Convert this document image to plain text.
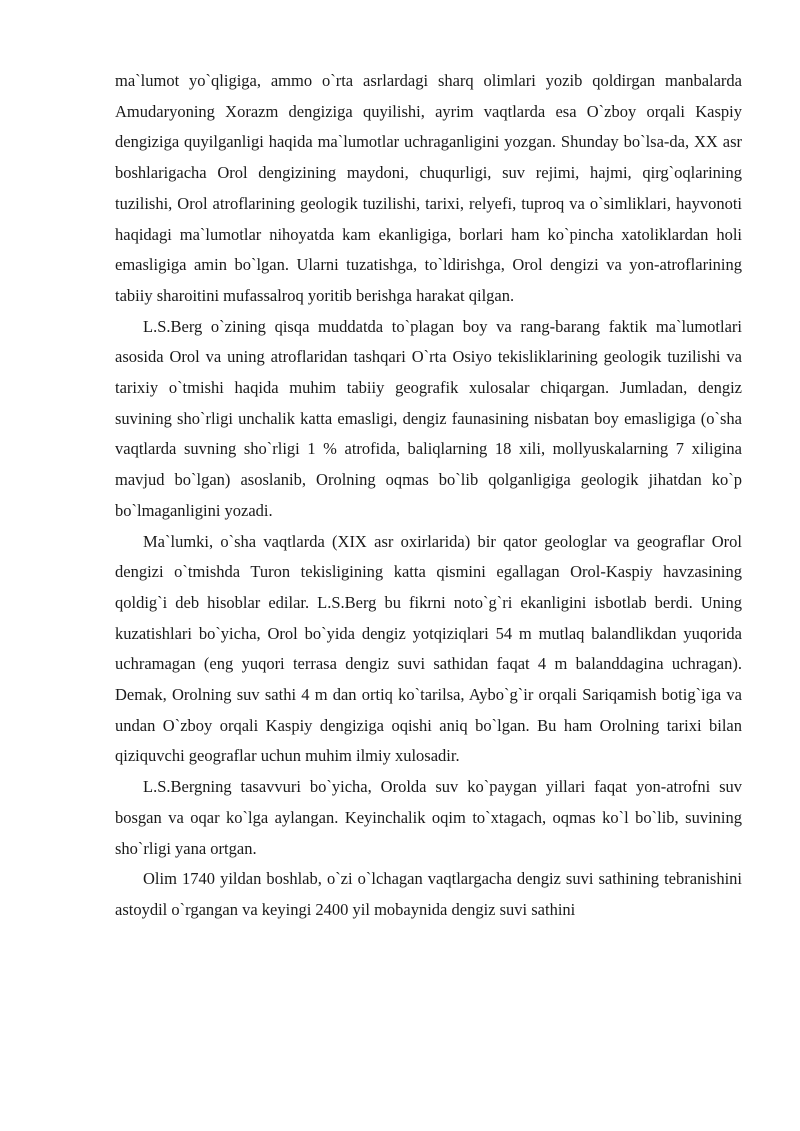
ma`lumot yo`qligiga, ammo o`rta asrlardagi sharq olimlari yozib qoldirgan manbalarda Amudaryoning Xorazm dengiziga quyilishi, ayrim vaqtlarda esa O`zboy orqali Kaspiy dengiziga quyilganligi haqida ma`lumotlar uchraganligini yozgan. Shunday bo`lsa-da, XX asr boshlarigacha Orol dengizining maydoni, chuqurligi, suv rejimi, hajmi, qirg`oqlarining tuzilishi, Orol atroflarining geologik tuzilishi, tarixi, relyefi, tuproq va o`simliklari, hayvonoti haqidagi ma`lumotlar nihoyatda kam ekanligiga, borlari ham ko`pincha xatoliklardan holi emasligiga amin bo`lgan. Ularni tuzatishga, to`ldirishga, Orol dengizi va yon-atroflarining tabiiy sharoitini mufassalroq yoritib berishga harakat qilgan.

L.S.Berg o`zining qisqa muddatda to`plagan boy va rang-barang faktik ma`lumotlari asosida Orol va uning atroflaridan tashqari O`rta Osiyo tekisliklarining geologik tuzilishi va tarixiy o`tmishi haqida muhim tabiiy geografik xulosalar chiqargan. Jumladan, dengiz suvining sho`rligi unchalik katta emasligi, dengiz faunasining nisbatan boy emasligiga (o`sha vaqtlarda suvning sho`rligi 1 % atrofida, baliqlarning 18 xili, mollyuskalarning 7 xiligina mavjud bo`lgan) asoslanib, Orolning oqmas bo`lib qolganligiga geologik jihatdan ko`p bo`lmaganligini yozadi.

Ma`lumki, o`sha vaqtlarda (XIX asr oxirlarida) bir qator geologlar va geograflar Orol dengizi o`tmishda Turon tekisligining katta qismini egallagan Orol-Kaspiy havzasining qoldig`i deb hisoblar edilar. L.S.Berg bu fikrni noto`g`ri ekanligini isbotlab berdi. Uning kuzatishlari bo`yicha, Orol bo`yida dengiz yotqiziqlari 54 m mutlaq balandlikdan yuqorida uchramagan (eng yuqori terrasa dengiz suvi sathidan faqat 4 m balanddagina uchragan). Demak, Orolning suv sathi 4 m dan ortiq ko`tarilsa, Aybo`g`ir orqali Sariqamish botig`iga va undan O`zboy orqali Kaspiy dengiziga oqishi aniq bo`lgan. Bu ham Orolning tarixi bilan qiziquvchi geograflar uchun muhim ilmiy xulosadir.

L.S.Bergning tasavvuri bo`yicha, Orolda suv ko`paygan yillari faqat yon-atrofni suv bosgan va oqar ko`lga aylangan. Keyinchalik oqim to`xtagach, oqmas ko`l bo`lib, suvining sho`rligi yana ortgan.

Olim 1740 yildan boshlab, o`zi o`lchagan vaqtlargacha dengiz suvi sathining tebranishini astoydil o`rgangan va keyingi 2400 yil mobaynida dengiz suvi sathini
